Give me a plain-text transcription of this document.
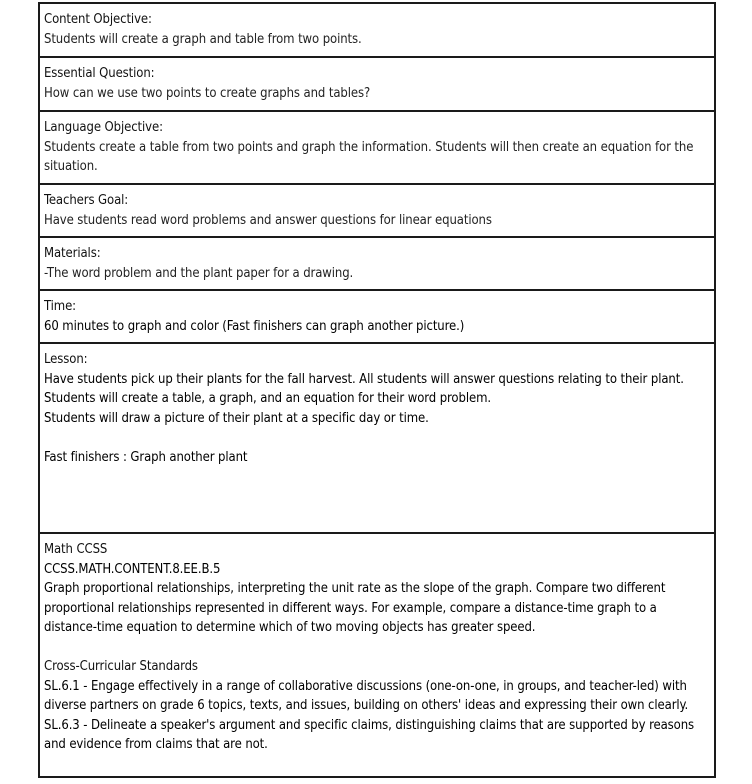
Content Objective:
Students will create a graph and table from two points.
Essential Question:
How can we use two points to create graphs and tables?
Language Objective:
Students create a table from two points and graph the information. Students will then create an equation for the situation.
Teachers Goal:
Have students read word problems and answer questions for linear equations
Materials:
-The word problem and the plant paper for a drawing.
Time:
60 minutes to graph and color (Fast finishers can graph another picture.)
Lesson:
Have students pick up their plants for the fall harvest. All students will answer questions relating to their plant.
Students will create a table, a graph, and an equation for their word problem.
Students will draw a picture of their plant at a specific day or time.
Fast finishers : Graph another plant
Math CCSS
CCSS.MATH.CONTENT.8.EE.B.5
Graph proportional relationships, interpreting the unit rate as the slope of the graph. Compare two different proportional relationships represented in different ways. For example, compare a distance-time graph to a distance-time equation to determine which of two moving objects has greater speed.
Cross-Curricular Standards
SL.6.1 - Engage effectively in a range of collaborative discussions (one-on-one, in groups, and teacher-led) with diverse partners on grade 6 topics, texts, and issues, building on others' ideas and expressing their own clearly.
SL.6.3 - Delineate a speaker's argument and specific claims, distinguishing claims that are supported by reasons and evidence from claims that are not.
